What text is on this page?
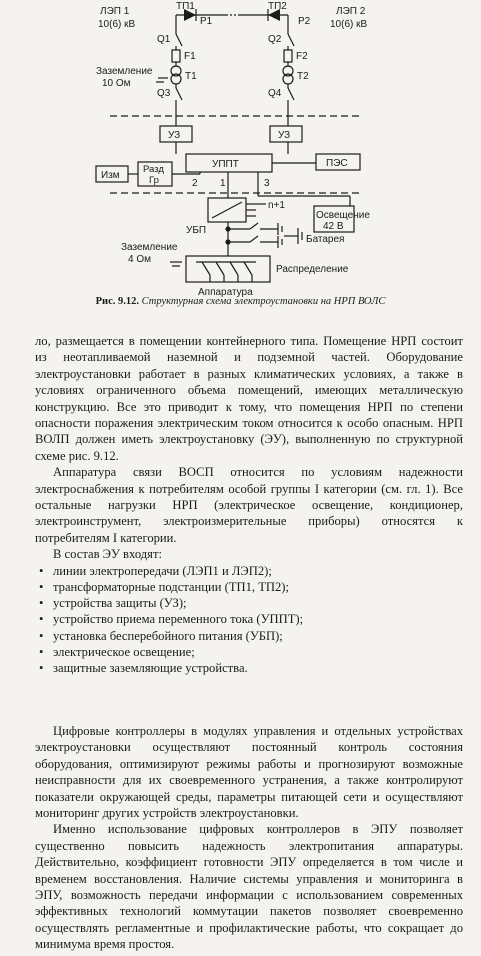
ЛЭП 1
10(6) кВ
ТП1
P1
Q1
F1
T1
Q3
Заземление
10 Ом
ТП2
P2
ЛЭП 2
10(6) кВ
Q2
F2
T2
Q4
УЗ	УЗ
УППТ	ПЭС
Изм
Разд
Гр	2 1	3
n+1
УБП
Освещение
42 В
Батарея
Заземление
4 Ом
Распределение
Аппаратура
Рис. 9.12. Структурная схема электроустановки на НРП ВОЛС

ло, размещается в помещении контейнерного типа. Помещение НРП состоит из неотапливаемой наземной и подземной частей. Оборудование электроустановки работает в разных климатических условиях, а также в условиях ограниченного объема помещений, имеющих металлическую конструкцию. Все это приводит к тому, что помещения НРП по степени опасности поражения электрическим током относится к особо опасным. НРП ВОЛП должен иметь электроустановку (ЭУ), выполненную по структурной схеме рис. 9.12.

Аппаратура связи ВОСП относится по условиям надежности электроснабжения к потребителям особой группы I категории (см. гл. 1). Все остальные нагрузки НРП (электрическое освещение, кондиционер, электроинструмент, электроизмерительные приборы) относятся к потребителям I категории.

В состав ЭУ входят:

• линии электропередачи (ЛЭП1 и ЛЭП2);
• трансформаторные подстанции (ТП1, ТП2);
• устройства защиты (УЗ);
• устройство приема переменного тока (УППТ);
• установка бесперебойного питания (УБП);
• электрическое освещение;
• защитные заземляющие устройства.

Цифровые контроллеры в модулях управления и отдельных устройствах электроустановки осуществляют постоянный контроль состояния оборудования, оптимизируют режимы работы и прогнозируют возможные неисправности для их своевременного устранения, а также контролируют показатели окружающей среды, параметры питающей сети и осуществляют мониторинг других устройств электроустановки.

Именно использование цифровых контроллеров в ЭПУ позволяет существенно повысить надежность электропитания аппаратуры. Действительно, коэффициент готовности ЭПУ определяется в том числе и временем восстановления. Наличие системы управления и мониторинга в ЭПУ, возможность передачи информации с использованием современных эффективных технологий коммутации пакетов позволяет своевременно осуществлять регламентные и профилактические работы, что сокращает до минимума время простоя.
